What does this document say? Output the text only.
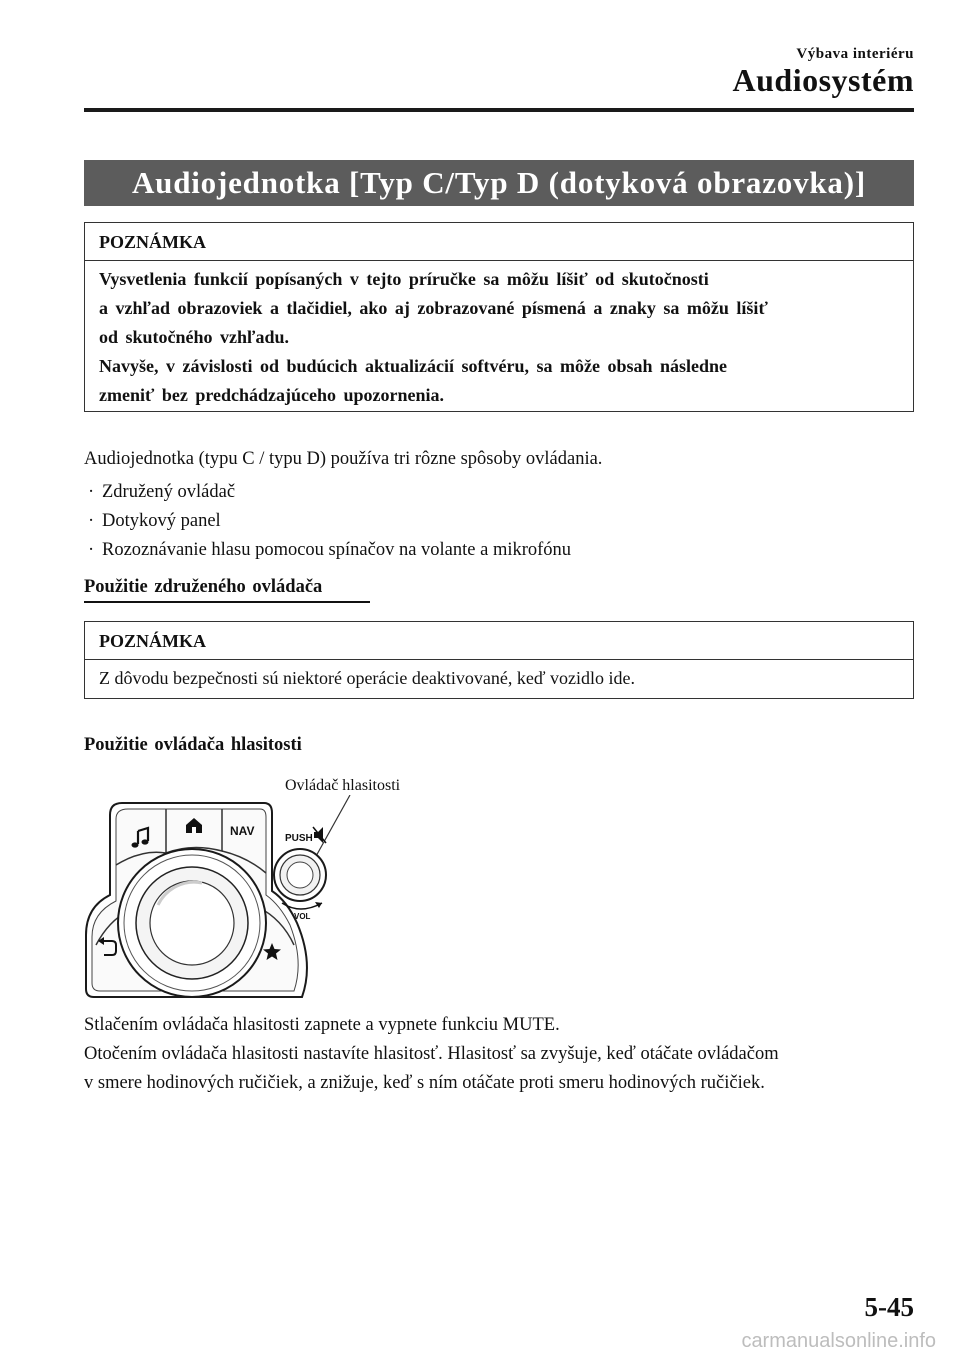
Výbava interiéru
Audiosystém
Audiojednotka [Typ C/Typ D (dotyková obrazovka)]
POZNÁMKA
Vysvetlenia funkcií popísaných v tejto príručke sa môžu líšiť od skutočnosti
a vzhľad obrazoviek a tlačidiel, ako aj zobrazované písmená a znaky sa môžu líšiť
od skutočného vzhľadu.
Navyše, v závislosti od budúcich aktualizácií softvéru, sa môže obsah následne
zmeniť bez predchádzajúceho upozornenia.
Audiojednotka (typu C / typu D) používa tri rôzne spôsoby ovládania.
· Združený ovládač
· Dotykový panel
· Rozoznávanie hlasu pomocou spínačov na volante a mikrofónu
Použitie združeného ovládača
POZNÁMKA
Z dôvodu bezpečnosti sú niektoré operácie deaktivované, keď vozidlo ide.
Použitie ovládača hlasitosti
Ovládač hlasitosti
NAV
PUSH
VOL
Stlačením ovládača hlasitosti zapnete a vypnete funkciu MUTE.
Otočením ovládača hlasitosti nastavíte hlasitosť. Hlasitosť sa zvyšuje, keď otáčate ovládačom
v smere hodinových ručičiek, a znižuje, keď s ním otáčate proti smeru hodinových ručičiek.
5-45
carmanualsonline.info
